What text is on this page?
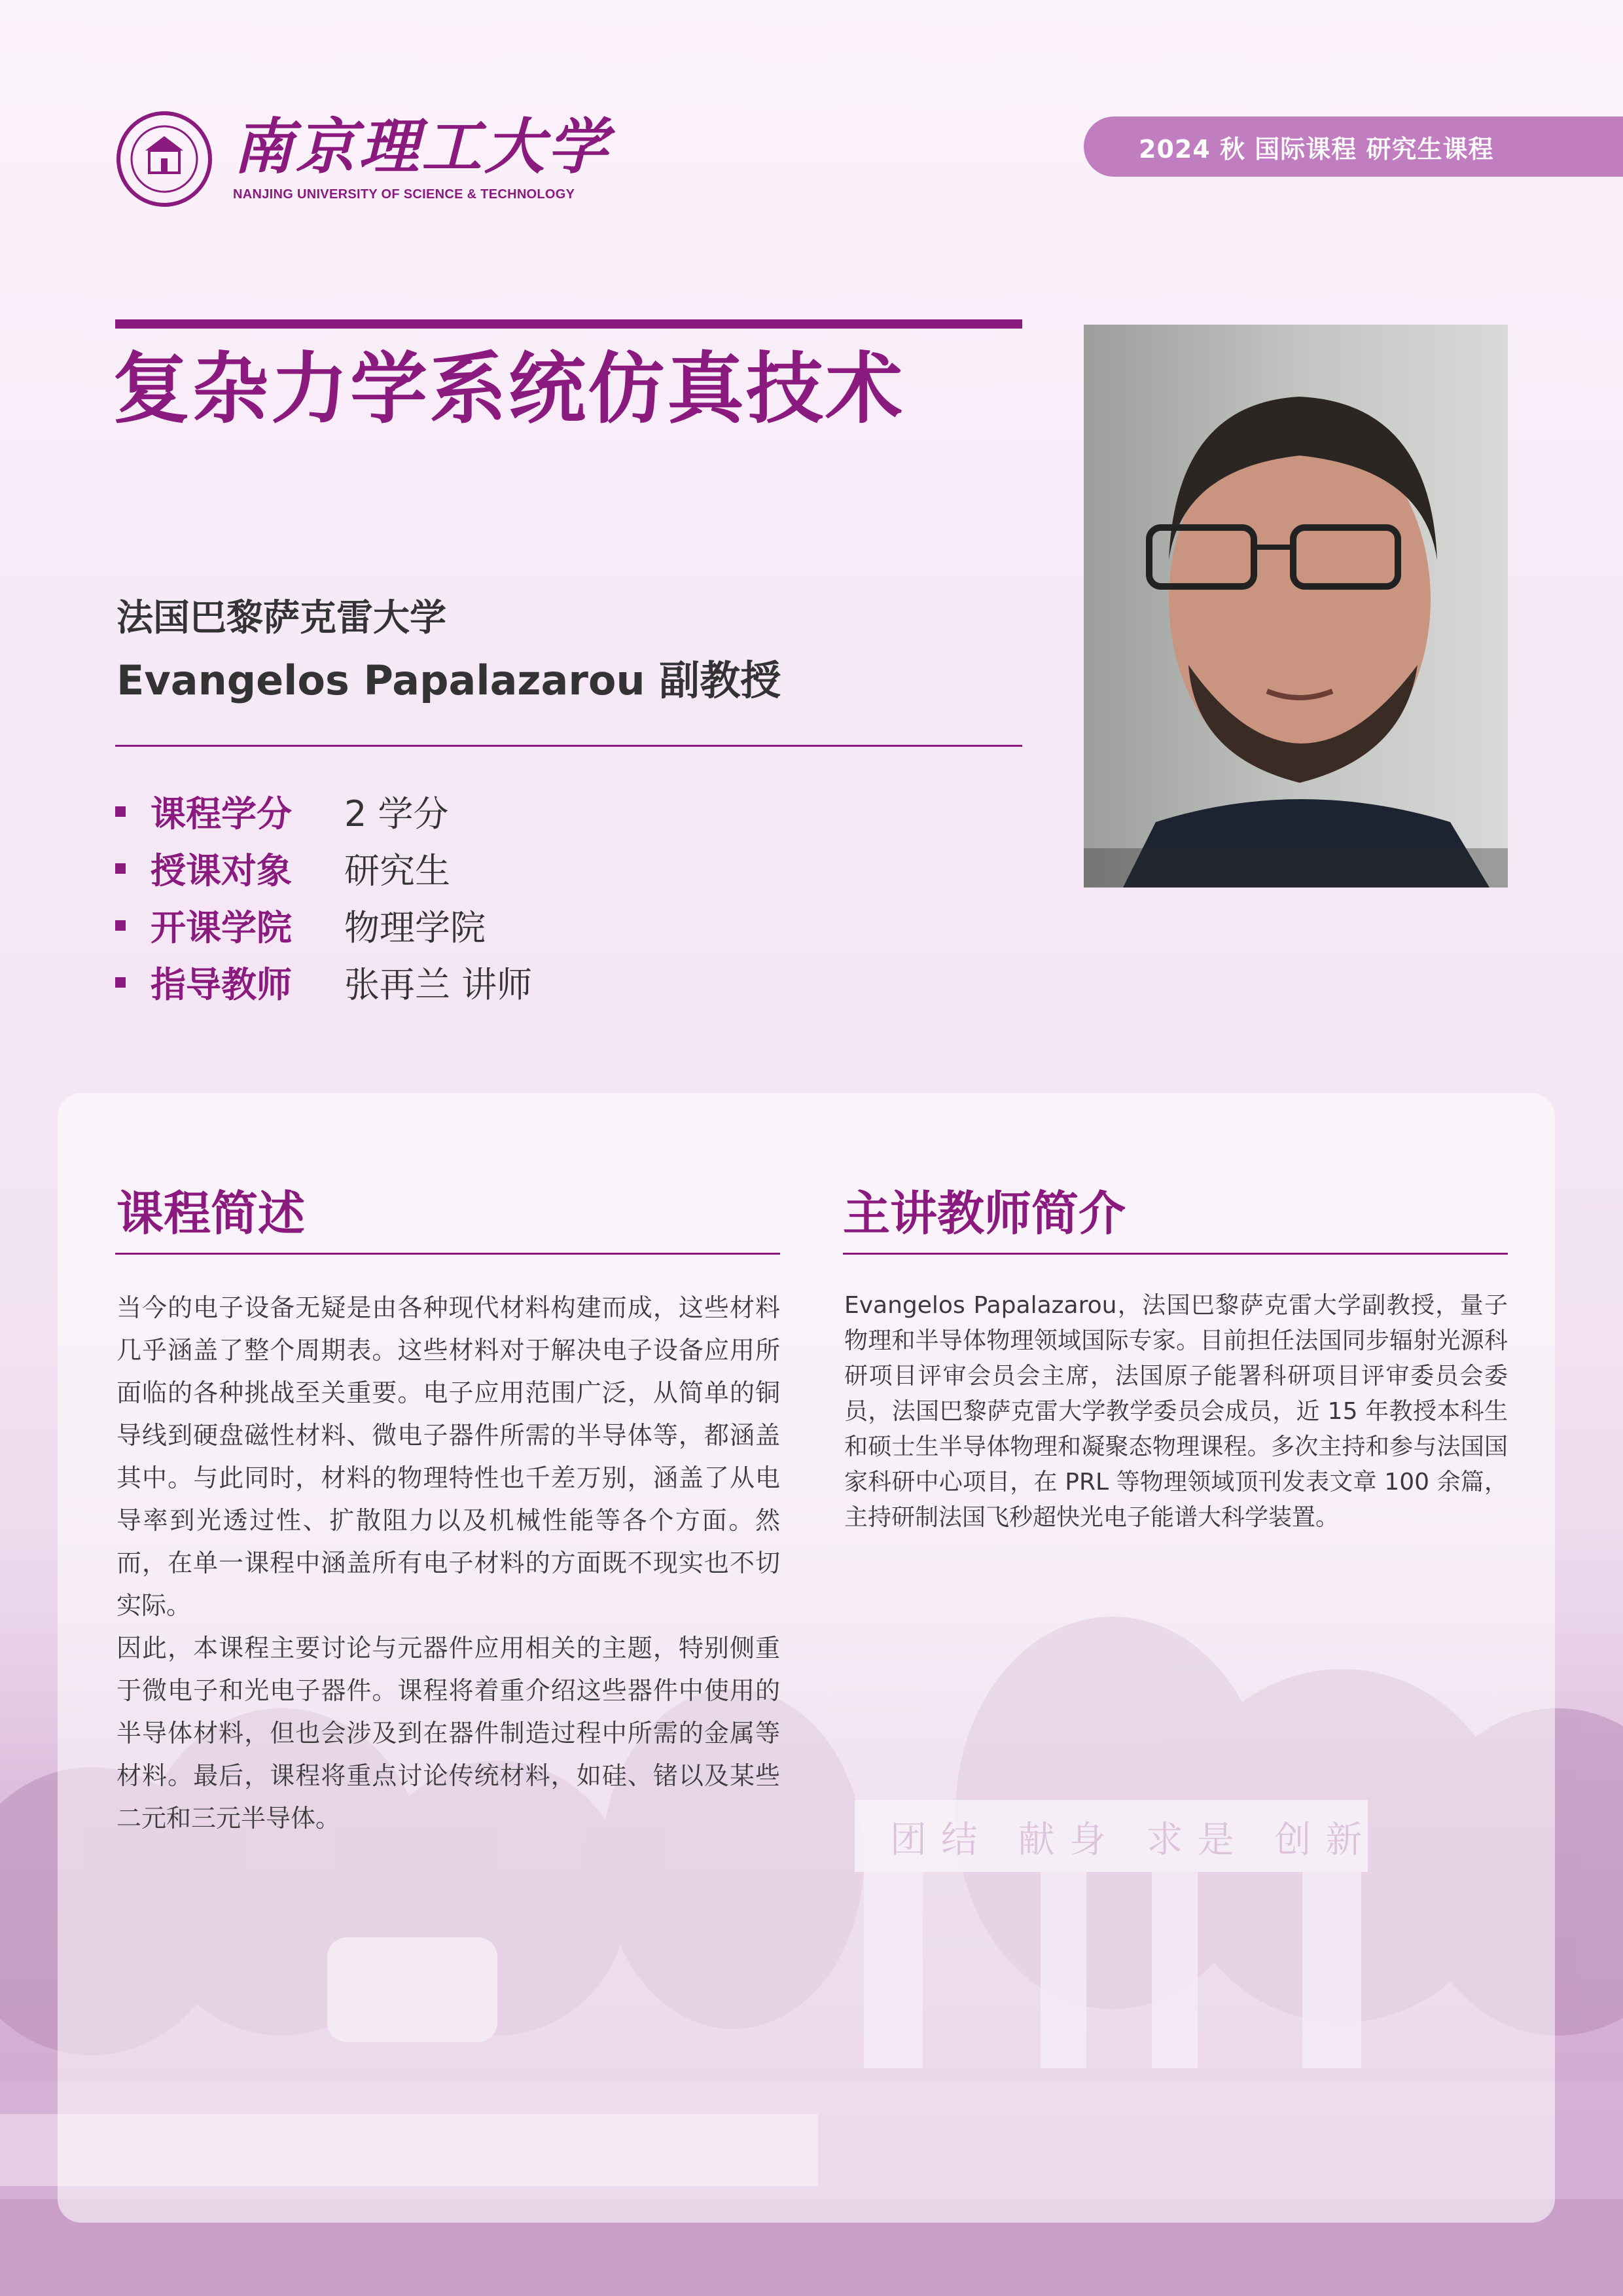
南京理工大学
NANJING UNIVERSITY OF SCIENCE & TECHNOLOGY
2024 秋 国际课程 研究生课程
复杂力学系统仿真技术
法国巴黎萨克雷大学
Evangelos Papalazarou 副教授
课程学分	2 学分
授课对象	研究生
开课学院	物理学院
指导教师	张再兰 讲师
课程简述

当今的电子设备无疑是由各种现代材料构建而成，这些材料几乎涵盖了整个周期表。这些材料对于解决电子设备应用所面临的各种挑战至关重要。电子应用范围广泛，从简单的铜导线到硬盘磁性材料、微电子器件所需的半导体等，都涵盖其中。与此同时，材料的物理特性也千差万别，涵盖了从电导率到光透过性、扩散阻力以及机械性能等各个方面。然而，在单一课程中涵盖所有电子材料的方面既不现实也不切实际。

因此，本课程主要讨论与元器件应用相关的主题，特别侧重于微电子和光电子器件。课程将着重介绍这些器件中使用的半导体材料，但也会涉及到在器件制造过程中所需的金属等材料。最后，课程将重点讨论传统材料，如硅、锗以及某些二元和三元半导体。

主讲教师简介

Evangelos Papalazarou，法国巴黎萨克雷大学副教授，量子物理和半导体物理领域国际专家。目前担任法国同步辐射光源科研项目评审会员会主席，法国原子能署科研项目评审委员会委员，法国巴黎萨克雷大学教学委员会成员，近 15 年教授本科生和硕士生半导体物理和凝聚态物理课程。多次主持和参与法国国家科研中心项目，在 PRL 等物理领域顶刊发表文章 100 余篇，主持研制法国飞秒超快光电子能谱大科学装置。
